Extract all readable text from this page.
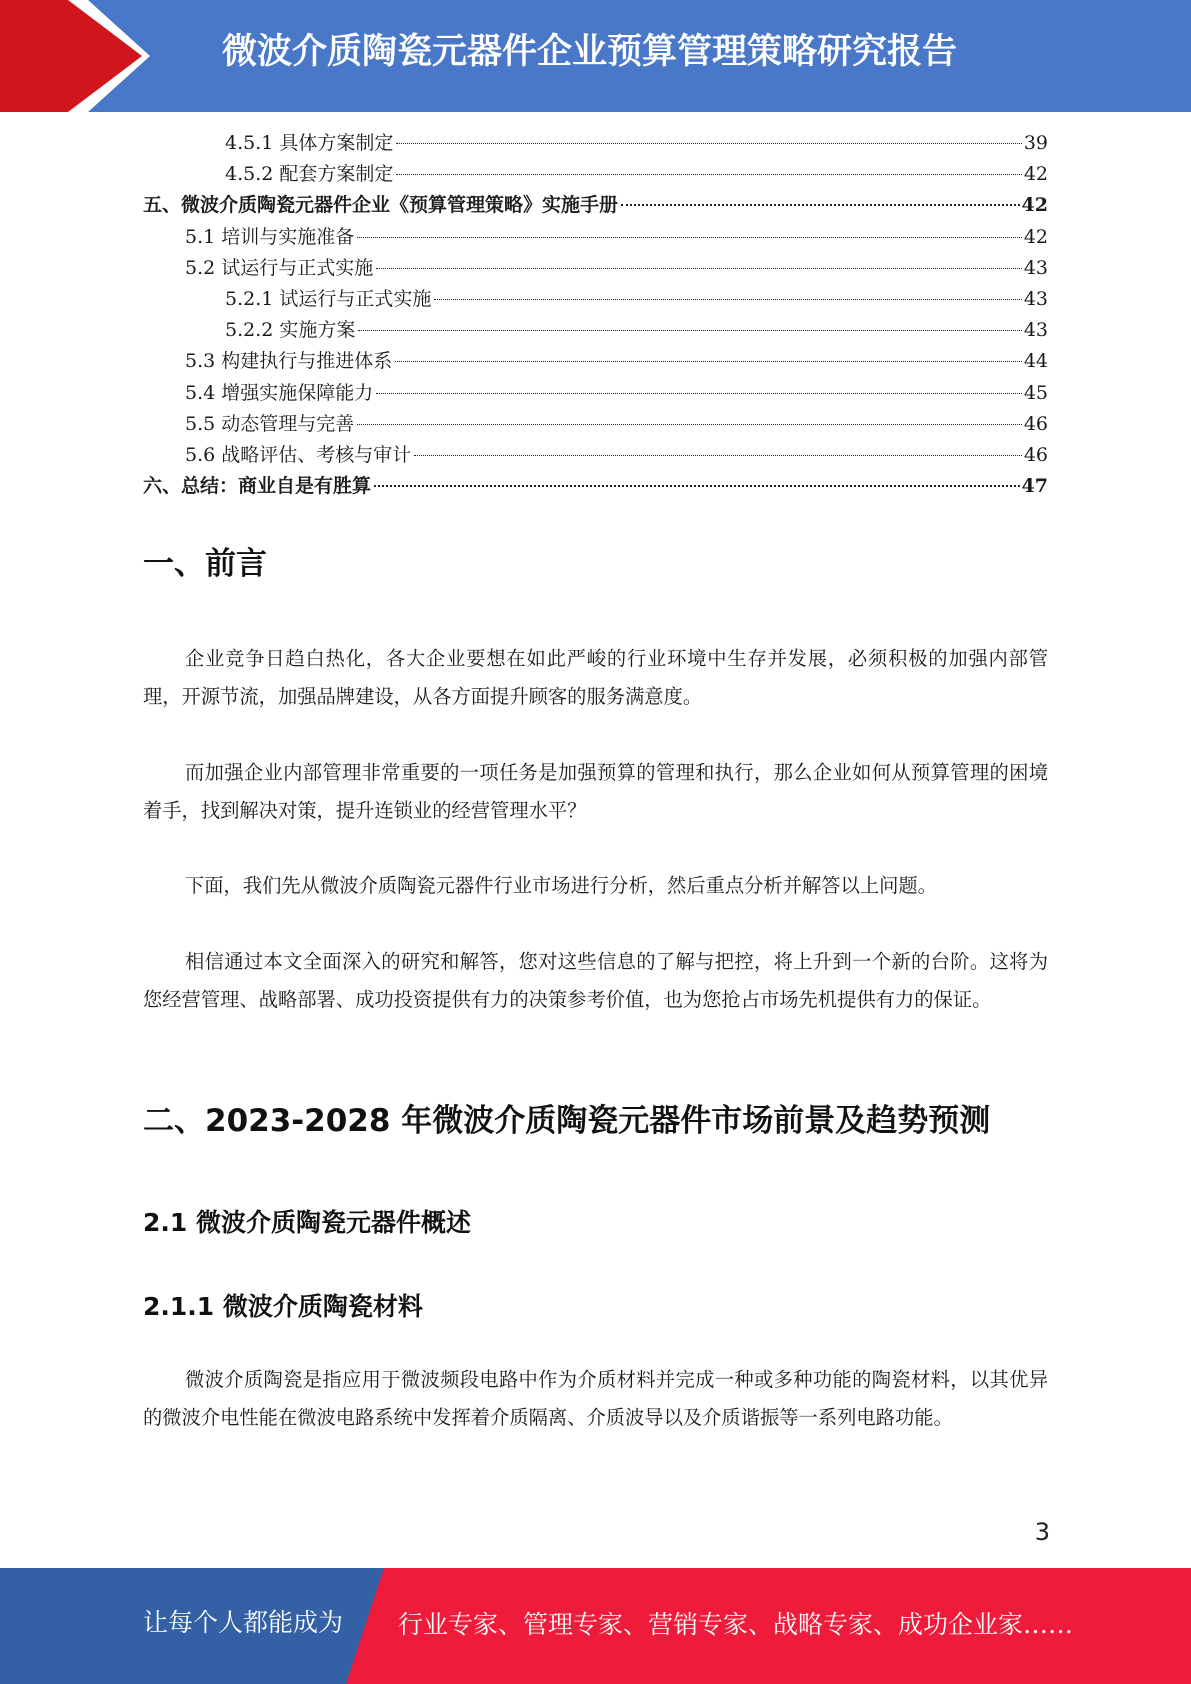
微波介质陶瓷元器件企业预算管理策略研究报告
4.5.1 具体方案制定	39
4.5.2 配套方案制定	42
五、微波介质陶瓷元器件企业《预算管理策略》实施手册	42
5.1 培训与实施准备	42
5.2 试运行与正式实施	43
5.2.1 试运行与正式实施	43
5.2.2 实施方案	43
5.3 构建执行与推进体系	44
5.4 增强实施保障能力	45
5.5 动态管理与完善	46
5.6 战略评估、考核与审计	46
六、总结：商业自是有胜算	47
一、前言

企业竞争日趋白热化，各大企业要想在如此严峻的行业环境中生存并发展，必须积极的加强内部管理，开源节流，加强品牌建设，从各方面提升顾客的服务满意度。

而加强企业内部管理非常重要的一项任务是加强预算的管理和执行，那么企业如何从预算管理的困境着手，找到解决对策，提升连锁业的经营管理水平？

下面，我们先从微波介质陶瓷元器件行业市场进行分析，然后重点分析并解答以上问题。

相信通过本文全面深入的研究和解答，您对这些信息的了解与把控，将上升到一个新的台阶。这将为您经营管理、战略部署、成功投资提供有力的决策参考价值，也为您抢占市场先机提供有力的保证。

二、2023-2028 年微波介质陶瓷元器件市场前景及趋势预测
2.1 微波介质陶瓷元器件概述
2.1.1 微波介质陶瓷材料

微波介质陶瓷是指应用于微波频段电路中作为介质材料并完成一种或多种功能的陶瓷材料，以其优异的微波介电性能在微波电路系统中发挥着介质隔离、介质波导以及介质谐振等一系列电路功能。

3
让每个人都能成为 行业专家、管理专家、营销专家、战略专家、成功企业家……
